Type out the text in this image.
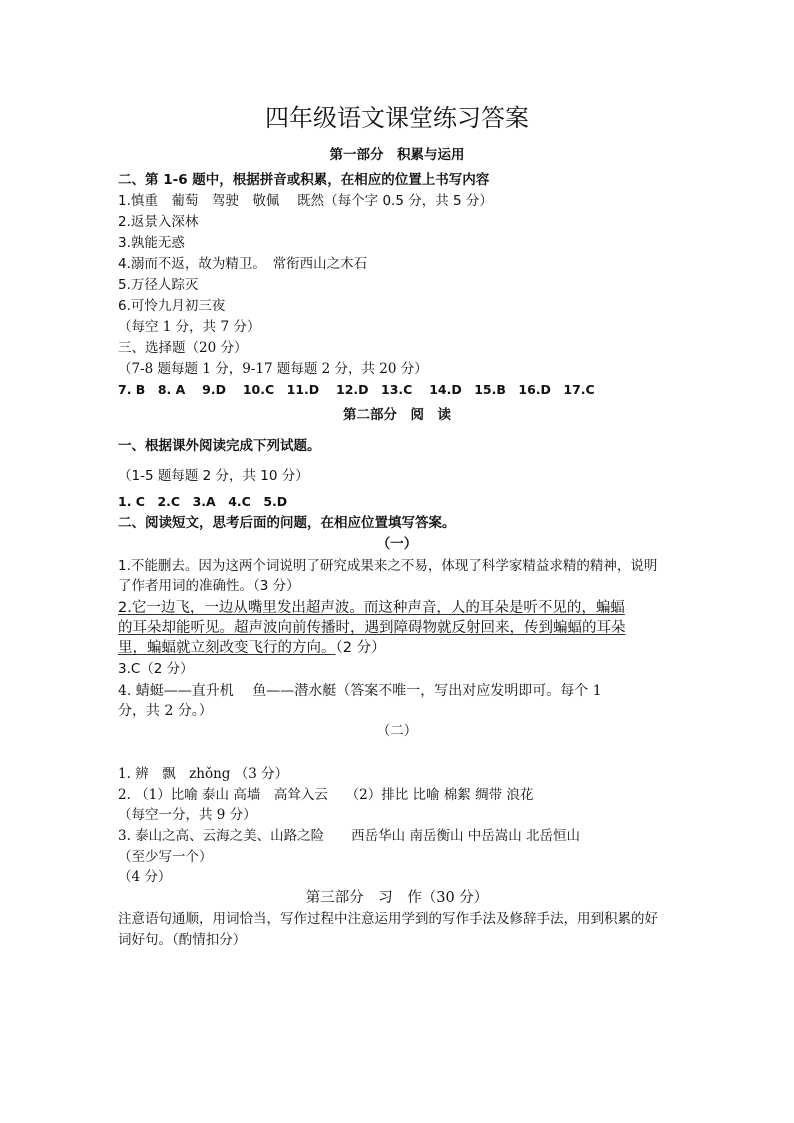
四年级语文课堂练习答案
第一部分　积累与运用
二、第 1-6 题中，根据拼音或积累，在相应的位置上书写内容
1.慎重　葡萄　驾驶　敬佩　 既然（每个字 0.5 分，共 5 分）
2.返景入深林
3.孰能无惑
4.溺而不返，故为精卫。　常衔西山之木石
5.万径人踪灭
6.可怜九月初三夜
（每空 1 分，共 7 分）
三、选择题（20 分）
（7-8 题每题 1 分，9-17 题每题 2 分，共 20 分）
7. B　8. A　 9.D　 10.C　11.D　 12.D　13.C　 14.D　15.B　16.D　17.C
第二部分　阅　读
一、根据课外阅读完成下列试题。
（1-5 题每题 2 分，共 10 分）
1. C　2.C　3.A　4.C　5.D
二、阅读短文，思考后面的问题，在相应位置填写答案。
（一）
1.不能删去。因为这两个词说明了研究成果来之不易，体现了科学家精益求精的精神，说明
了作者用词的准确性。（3 分）
2.它一边飞，一边从嘴里发出超声波。而这种声音，人的耳朵是听不见的，蝙蝠
的耳朵却能听见。超声波向前传播时，遇到障碍物就反射回来，传到蝙蝠的耳朵
里，蝙蝠就立刻改变飞行的方向。（2 分）
3.C（2 分）
4. 蜻蜓——直升机　 鱼——潜水艇（答案不唯一，写出对应发明即可。每个 1
分，共 2 分。）
（二）
1. 辨　飘　zhǒng （3 分）
2. （1）比喻 泰山 高墙　高耸入云　 （2）排比 比喻 棉絮 绸带 浪花
（每空一分，共 9 分）
3. 泰山之高、云海之美、山路之险　　西岳华山 南岳衡山 中岳嵩山 北岳恒山
（至少写一个）
（4 分）
第三部分　习　作（30 分）
注意语句通顺，用词恰当，写作过程中注意运用学到的写作手法及修辞手法，用到积累的好
词好句。（酌情扣分）
